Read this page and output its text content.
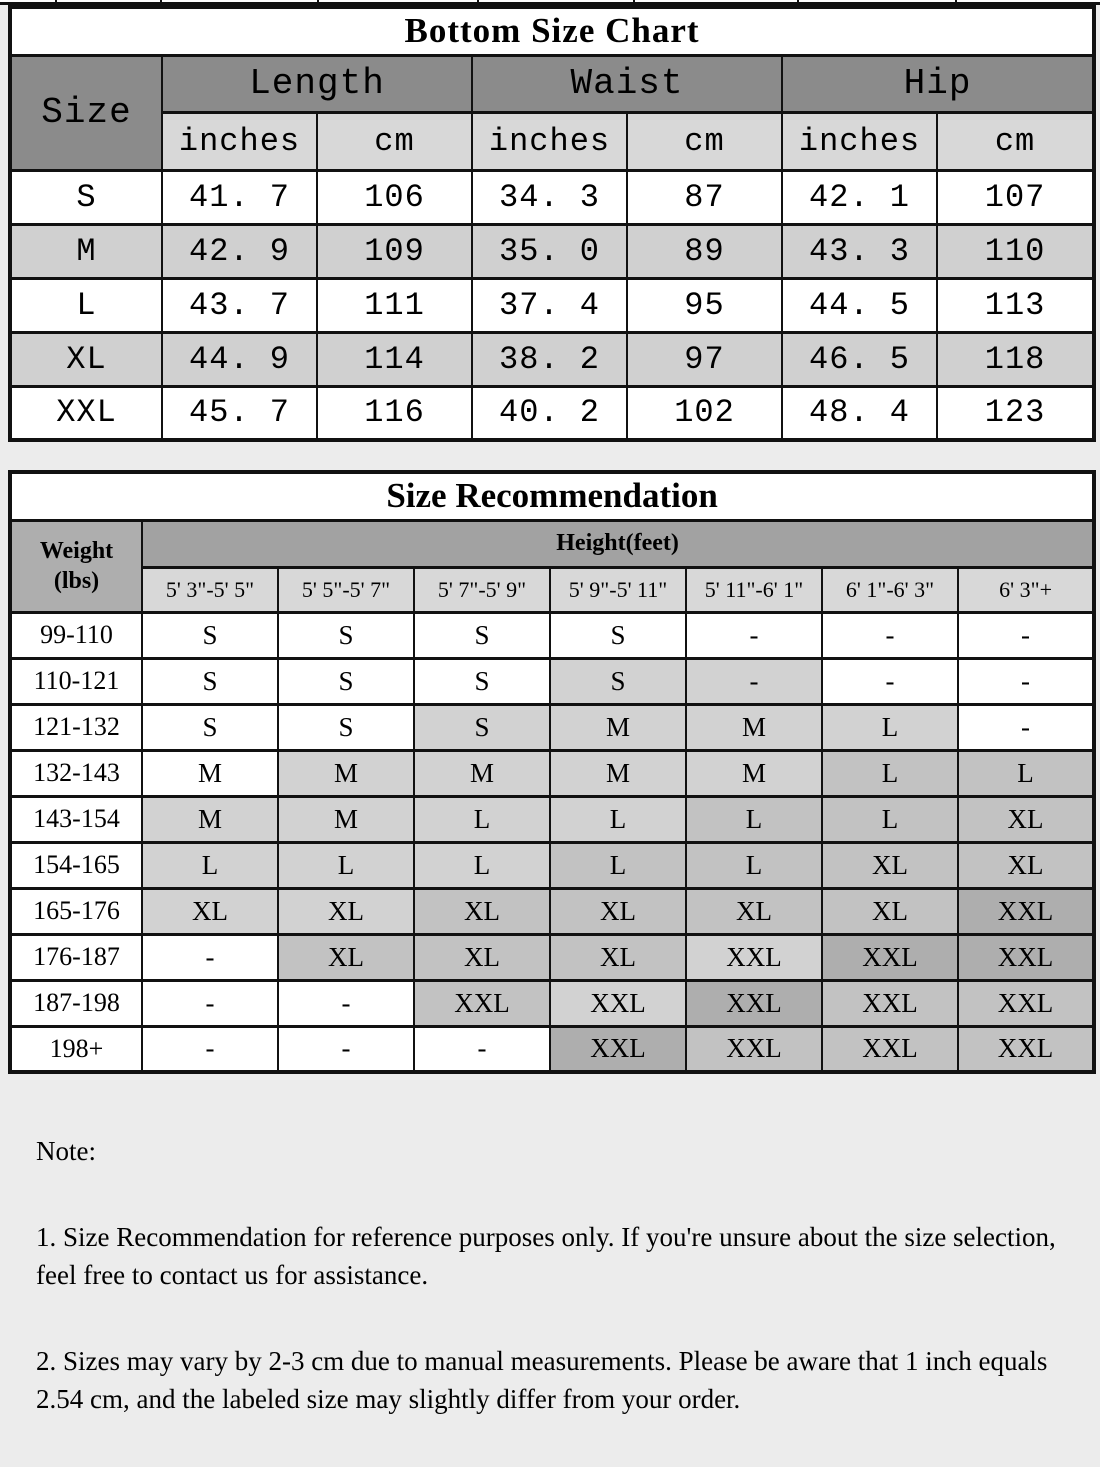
Bottom Size Chart						
Size	Length		Waist		Hip	
	inches	cm	inches	cm	inches	cm
S	41. 7	106	34. 3	87	42. 1	107
M	42. 9	109	35. 0	89	43. 3	110
L	43. 7	111	37. 4	95	44. 5	113
XL	44. 9	114	38. 2	97	46. 5	118
XXL	45. 7	116	40. 2	102	48. 4	123
Size Recommendation							

Weight
(lbs)	Height(feet)						
	5' 3"-5' 5"	5' 5"-5' 7"	5' 7"-5' 9"	5' 9"-5' 11"	5' 11"-6' 1"	6' 1"-6' 3"	6' 3"+
99-110	S	S	S	S	-	-	-
110-121	S	S	S	S	-	-	-
121-132	S	S	S	M	M	L	-
132-143	M	M	M	M	M	L	L
143-154	M	M	L	L	L	L	XL
154-165	L	L	L	L	L	XL	XL
165-176	XL	XL	XL	XL	XL	XL	XXL
176-187	-	XL	XL	XL	XXL	XXL	XXL
187-198	-	-	XXL	XXL	XXL	XXL	XXL
198+	-	-	-	XXL	XXL	XXL	XXL

Note:

1. Size Recommendation for reference purposes only. If you're unsure about the size selection, feel free to contact us for assistance.

2. Sizes may vary by 2-3 cm due to manual measurements. Please be aware that 1 inch equals 2.54 cm, and the labeled size may slightly differ from your order.
